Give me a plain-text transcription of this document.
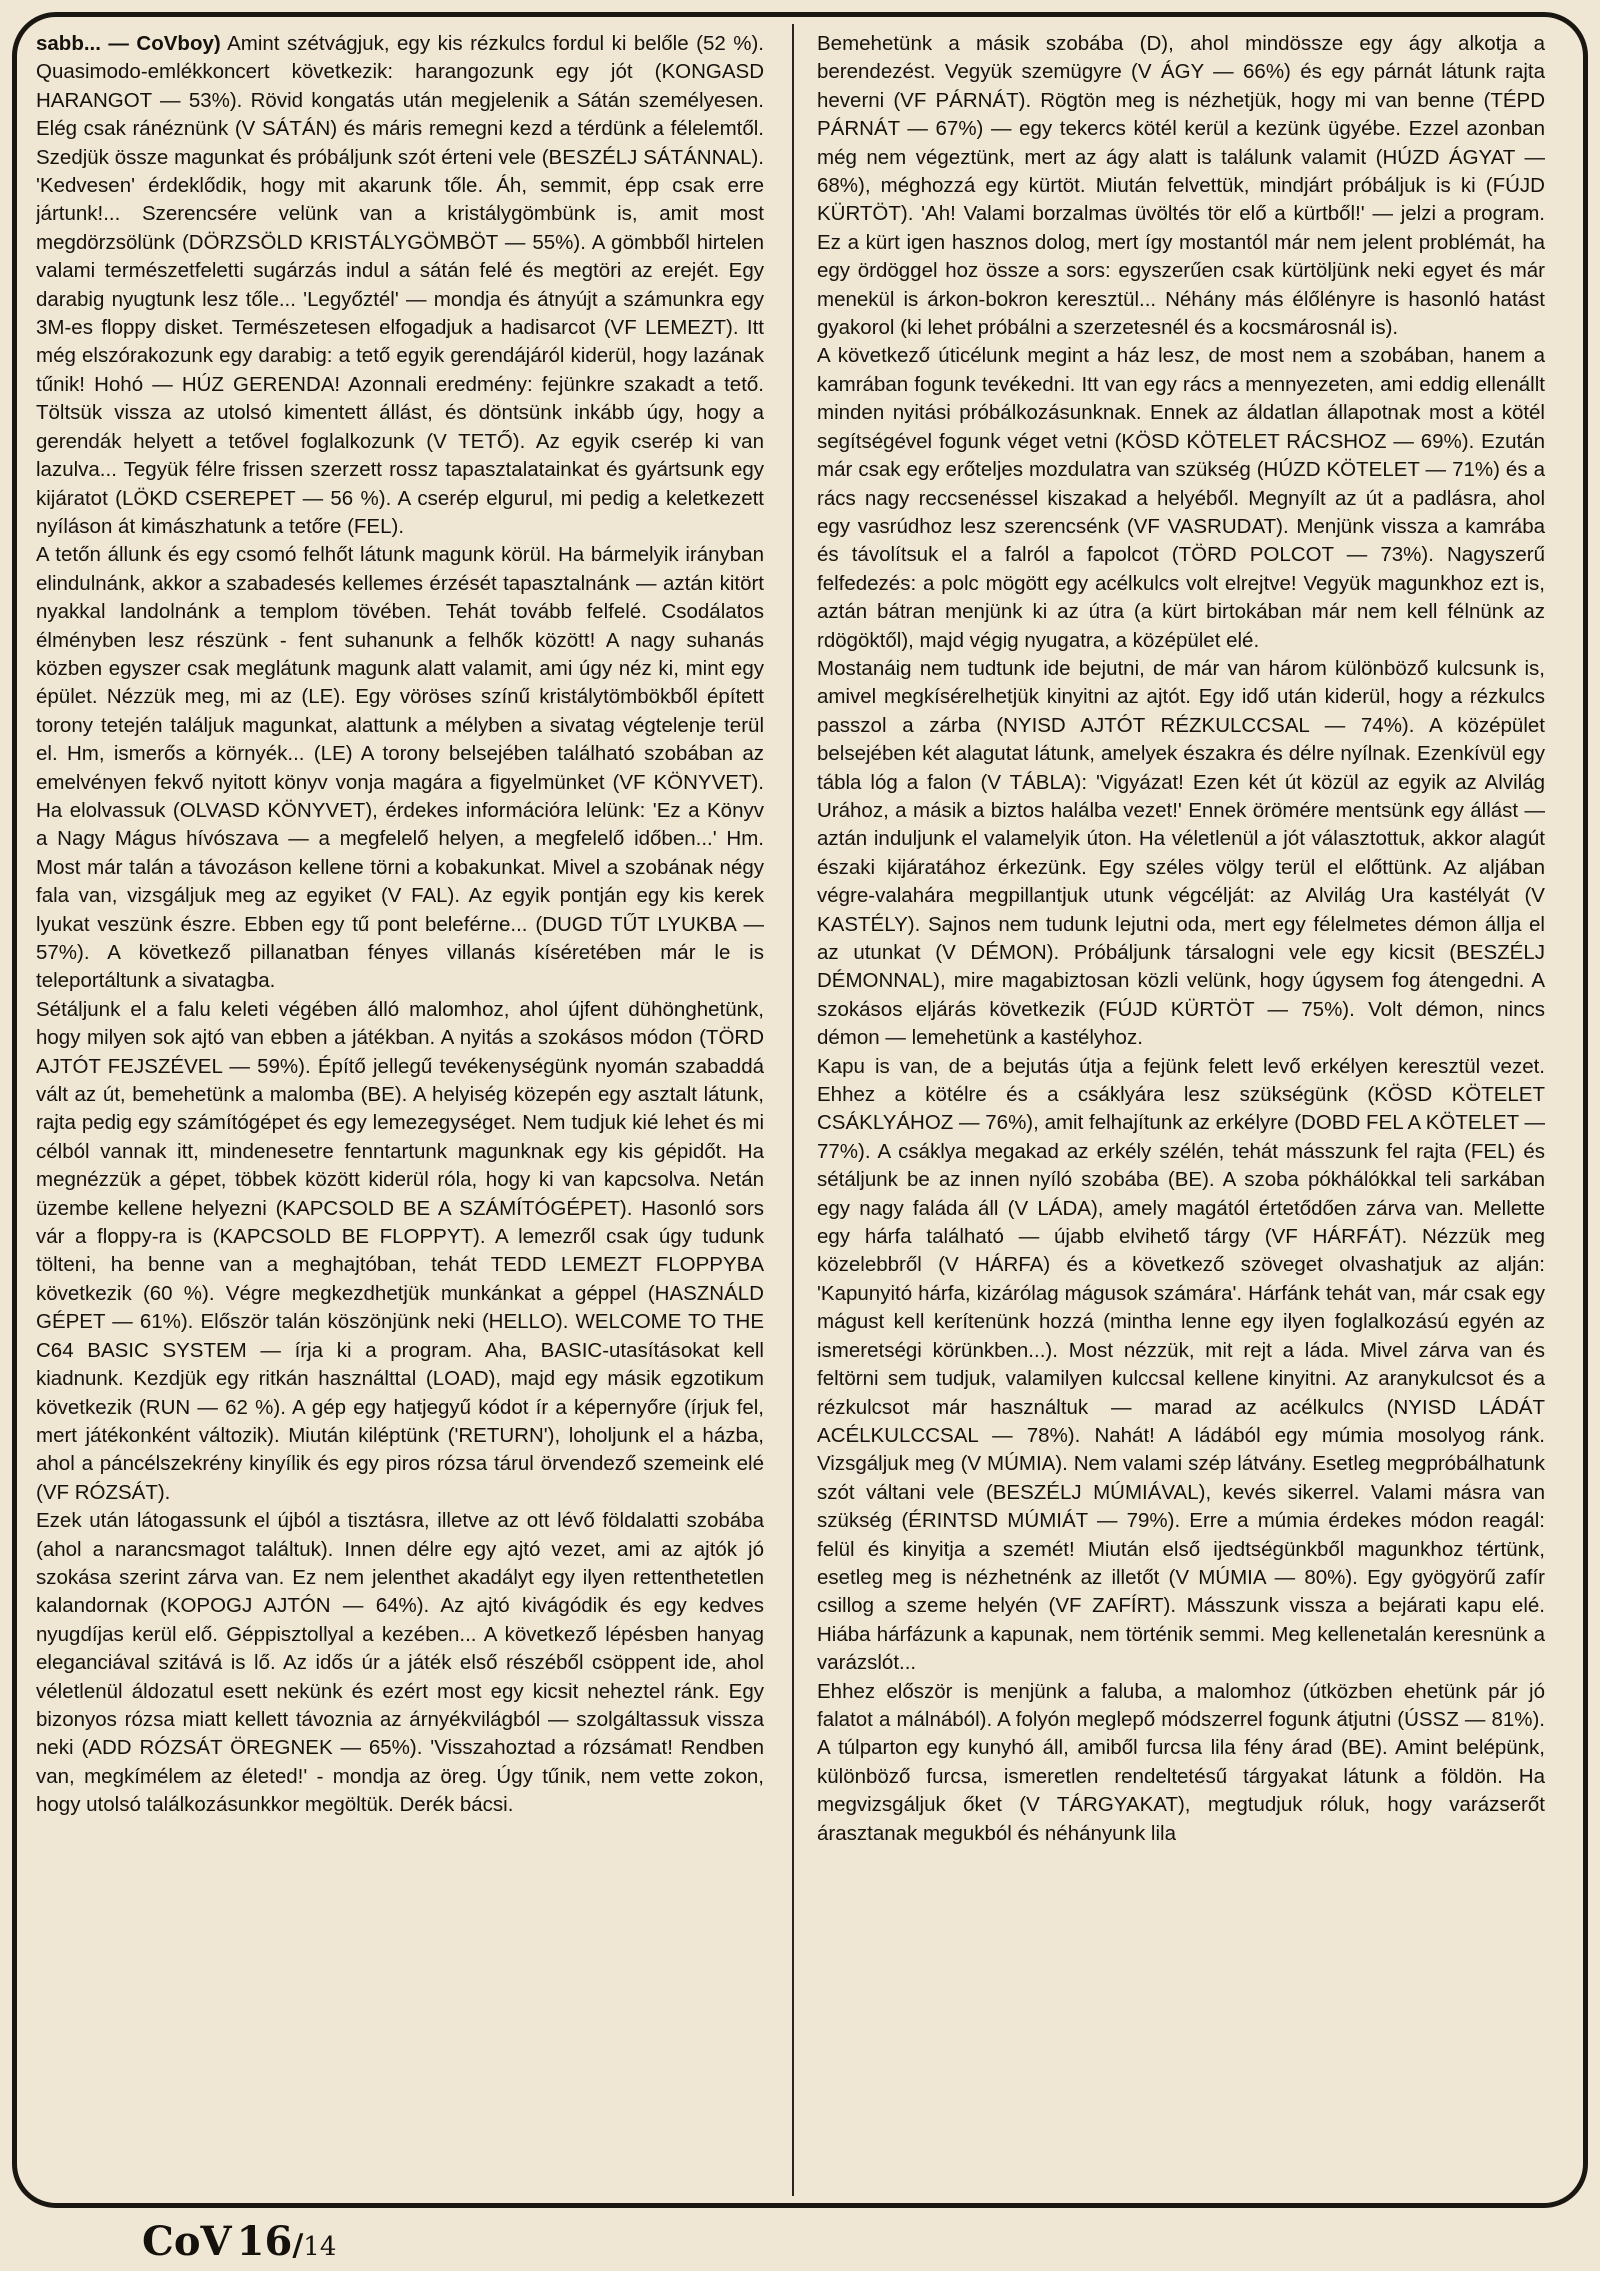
sabb... — CoVboy) Amint szétvágjuk, egy kis rézkulcs fordul ki belőle (52 %). Quasimodo-emlékkoncert következik: harangozunk egy jót (KONGASD HARANGOT — 53%). Rövid kongatás után megjelenik a Sátán személyesen. Elég csak ránéznünk (V SÁTÁN) és máris remegni kezd a térdünk a félelemtől. Szedjük össze magunkat és próbáljunk szót érteni vele (BESZÉLJ SÁTÁNNAL). 'Kedvesen' érdeklődik, hogy mit akarunk tőle. Áh, semmit, épp csak erre jártunk!... Szerencsére velünk van a kristálygömbünk is, amit most megdörzsölünk (DÖRZSÖLD KRISTÁLYGÖMBÖT — 55%). A gömbből hirtelen valami természetfeletti sugárzás indul a sátán felé és megtöri az erejét. Egy darabig nyugtunk lesz tőle... 'Legyőztél' — mondja és átnyújt a számunkra egy 3M-es floppy disket. Természetesen elfogadjuk a hadisarcot (VF LEMEZT). Itt még elszórakozunk egy darabig: a tető egyik gerendájáról kiderül, hogy lazának tűnik! Hohó — HÚZ GERENDA! Azonnali eredmény: fejünkre szakadt a tető. Töltsük vissza az utolsó kimentett állást, és döntsünk inkább úgy, hogy a gerendák helyett a tetővel foglalkozunk (V TETŐ). Az egyik cserép ki van lazulva... Tegyük félre frissen szerzett rossz tapasztalatainkat és gyártsunk egy kijáratot (LÖKD CSEREPET — 56 %). A cserép elgurul, mi pedig a keletkezett nyíláson át kimászhatunk a tetőre (FEL).

A tetőn állunk és egy csomó felhőt látunk magunk körül. Ha bármelyik irányban elindulnánk, akkor a szabadesés kellemes érzését tapasztalnánk — aztán kitört nyakkal landolnánk a templom tövében. Tehát tovább felfelé. Csodálatos élményben lesz részünk - fent suhanunk a felhők között! A nagy suhanás közben egyszer csak meglátunk magunk alatt valamit, ami úgy néz ki, mint egy épület. Nézzük meg, mi az (LE). Egy vöröses színű kristálytömbökből épített torony tetején találjuk magunkat, alattunk a mélyben a sivatag végtelenje terül el. Hm, ismerős a környék... (LE) A torony belsejében található szobában az emelvényen fekvő nyitott könyv vonja magára a figyelmünket (VF KÖNYVET). Ha elolvassuk (OLVASD KÖNYVET), érdekes információra lelünk: 'Ez a Könyv a Nagy Mágus hívószava — a megfelelő helyen, a megfelelő időben...' Hm. Most már talán a távozáson kellene törni a kobakunkat. Mivel a szobának négy fala van, vizsgáljuk meg az egyiket (V FAL). Az egyik pontján egy kis kerek lyukat veszünk észre. Ebben egy tű pont beleférne... (DUGD TŰT LYUKBA — 57%). A következő pillanatban fényes villanás kíséretében már le is teleportáltunk a sivatagba.

Sétáljunk el a falu keleti végében álló malomhoz, ahol újfent dühönghetünk, hogy milyen sok ajtó van ebben a játékban. A nyitás a szokásos módon (TÖRD AJTÓT FEJSZÉVEL — 59%). Építő jellegű tevékenységünk nyomán szabaddá vált az út, bemehetünk a malomba (BE). A helyiség közepén egy asztalt látunk, rajta pedig egy számítógépet és egy lemezegységet. Nem tudjuk kié lehet és mi célból vannak itt, mindenesetre fenntartunk magunknak egy kis gépidőt. Ha megnézzük a gépet, többek között kiderül róla, hogy ki van kapcsolva. Netán üzembe kellene helyezni (KAPCSOLD BE A SZÁMÍTÓGÉPET). Hasonló sors vár a floppy-ra is (KAPCSOLD BE FLOPPYT). A lemezről csak úgy tudunk tölteni, ha benne van a meghajtóban, tehát TEDD LEMEZT FLOPPYBA következik (60 %). Végre megkezdhetjük munkánkat a géppel (HASZNÁLD GÉPET — 61%). Először talán köszönjünk neki (HELLO). WELCOME TO THE C64 BASIC SYSTEM — írja ki a program. Aha, BASIC-utasításokat kell kiadnunk. Kezdjük egy ritkán használttal (LOAD), majd egy másik egzotikum következik (RUN — 62 %). A gép egy hatjegyű kódot ír a képernyőre (írjuk fel, mert játékonként változik). Miután kiléptünk ('RETURN'), loholjunk el a házba, ahol a páncélszekrény kinyílik és egy piros rózsa tárul örvendező szemeink elé (VF RÓZSÁT).

Ezek után látogassunk el újból a tisztásra, illetve az ott lévő földalatti szobába (ahol a narancsmagot találtuk). Innen délre egy ajtó vezet, ami az ajtók jó szokása szerint zárva van. Ez nem jelenthet akadályt egy ilyen rettenthetetlen kalandornak (KOPOGJ AJTÓN — 64%). Az ajtó kivágódik és egy kedves nyugdíjas kerül elő. Géppisztollyal a kezében... A következő lépésben hanyag eleganciával szitává is lő. Az idős úr a játék első részéből csöppent ide, ahol véletlenül áldozatul esett nekünk és ezért most egy kicsit neheztel ránk. Egy bizonyos rózsa miatt kellett távoznia az árnyékvilágból — szolgáltassuk vissza neki (ADD RÓZSÁT ÖREGNEK — 65%). 'Visszahoztad a rózsámat! Rendben van, megkímélem az életed!' - mondja az öreg. Úgy tűnik, nem vette zokon, hogy utolsó találkozásunkkor megöltük. Derék bácsi.

Bemehetünk a másik szobába (D), ahol mindössze egy ágy alkotja a berendezést. Vegyük szemügyre (V ÁGY — 66%) és egy párnát látunk rajta heverni (VF PÁRNÁT). Rögtön meg is nézhetjük, hogy mi van benne (TÉPD PÁRNÁT — 67%) — egy tekercs kötél kerül a kezünk ügyébe. Ezzel azonban még nem végeztünk, mert az ágy alatt is találunk valamit (HÚZD ÁGYAT — 68%), méghozzá egy kürtöt. Miután felvettük, mindjárt próbáljuk is ki (FÚJD KÜRTÖT). 'Ah! Valami borzalmas üvöltés tör elő a kürtből!' — jelzi a program. Ez a kürt igen hasznos dolog, mert így mostantól már nem jelent problémát, ha egy ördöggel hoz össze a sors: egyszerűen csak kürtöljünk neki egyet és már menekül is árkon-bokron keresztül... Néhány más élőlényre is hasonló hatást gyakorol (ki lehet próbálni a szerzetesnél és a kocsmárosnál is).

A következő úticélunk megint a ház lesz, de most nem a szobában, hanem a kamrában fogunk tevékedni. Itt van egy rács a mennyezeten, ami eddig ellenállt minden nyitási próbálkozásunknak. Ennek az áldatlan állapotnak most a kötél segítségével fogunk véget vetni (KÖSD KÖTELET RÁCSHOZ — 69%). Ezután már csak egy erőteljes mozdulatra van szükség (HÚZD KÖTELET — 71%) és a rács nagy reccsenéssel kiszakad a helyéből. Megnyílt az út a padlásra, ahol egy vasrúdhoz lesz szerencsénk (VF VASRUDAT). Menjünk vissza a kamrába és távolítsuk el a falról a fapolcot (TÖRD POLCOT — 73%). Nagyszerű felfedezés: a polc mögött egy acélkulcs volt elrejtve! Vegyük magunkhoz ezt is, aztán bátran menjünk ki az útra (a kürt birtokában már nem kell félnünk az rdögöktől), majd végig nyugatra, a középület elé.

Mostanáig nem tudtunk ide bejutni, de már van három különböző kulcsunk is, amivel megkísérelhetjük kinyitni az ajtót. Egy idő után kiderül, hogy a rézkulcs passzol a zárba (NYISD AJTÓT RÉZKULCCSAL — 74%). A középület belsejében két alagutat látunk, amelyek északra és délre nyílnak. Ezenkívül egy tábla lóg a falon (V TÁBLA): 'Vigyázat! Ezen két út közül az egyik az Alvilág Urához, a másik a biztos halálba vezet!' Ennek örömére mentsünk egy állást — aztán induljunk el valamelyik úton. Ha véletlenül a jót választottuk, akkor alagút északi kijáratához érkezünk. Egy széles völgy terül el előttünk. Az aljában végre-valahára megpillantjuk utunk végcélját: az Alvilág Ura kastélyát (V KASTÉLY). Sajnos nem tudunk lejutni oda, mert egy félelmetes démon állja el az utunkat (V DÉMON). Próbáljunk társalogni vele egy kicsit (BESZÉLJ DÉMONNAL), mire magabiztosan közli velünk, hogy úgysem fog átengedni. A szokásos eljárás következik (FÚJD KÜRTÖT — 75%). Volt démon, nincs démon — lemehetünk a kastélyhoz.

Kapu is van, de a bejutás útja a fejünk felett levő erkélyen keresztül vezet. Ehhez a kötélre és a csáklyára lesz szükségünk (KÖSD KÖTELET CSÁKLYÁHOZ — 76%), amit felhajítunk az erkélyre (DOBD FEL A KÖTELET — 77%). A csáklya megakad az erkély szélén, tehát másszunk fel rajta (FEL) és sétáljunk be az innen nyíló szobába (BE). A szoba pókhálókkal teli sarkában egy nagy faláda áll (V LÁDA), amely magától értetődően zárva van. Mellette egy hárfa található — újabb elvihető tárgy (VF HÁRFÁT). Nézzük meg közelebbről (V HÁRFA) és a következő szöveget olvashatjuk az alján: 'Kapunyitó hárfa, kizárólag mágusok számára'. Hárfánk tehát van, már csak egy mágust kell kerítenünk hozzá (mintha lenne egy ilyen foglalkozású egyén az ismeretségi körünkben...). Most nézzük, mit rejt a láda. Mivel zárva van és feltörni sem tudjuk, valamilyen kulccsal kellene kinyitni. Az aranykulcsot és a rézkulcsot már használtuk — marad az acélkulcs (NYISD LÁDÁT ACÉLKULCCSAL — 78%). Nahát! A ládából egy múmia mosolyog ránk. Vizsgáljuk meg (V MÚMIA). Nem valami szép látvány. Esetleg megpróbálhatunk szót váltani vele (BESZÉLJ MÚMIÁVAL), kevés sikerrel. Valami másra van szükség (ÉRINTSD MÚMIÁT — 79%). Erre a múmia érdekes módon reagál: felül és kinyitja a szemét! Miután első ijedtségünkből magunkhoz tértünk, esetleg meg is nézhetnénk az illetőt (V MÚMIA — 80%). Egy gyögyörű zafír csillog a szeme helyén (VF ZAFÍRT). Másszunk vissza a bejárati kapu elé. Hiába hárfázunk a kapunak, nem történik semmi. Meg kellenetalán keresnünk a varázslót...

Ehhez először is menjünk a faluba, a malomhoz (útközben ehetünk pár jó falatot a málnából). A folyón meglepő módszerrel fogunk átjutni (ÚSSZ — 81%). A túlparton egy kunyhó áll, amiből furcsa lila fény árad (BE). Amint belépünk, különböző furcsa, ismeretlen rendeltetésű tárgyakat látunk a földön. Ha megvizsgáljuk őket (V TÁRGYAKAT), megtudjuk róluk, hogy varázserőt árasztanak megukból és néhányunk lila

CoV 16/14
